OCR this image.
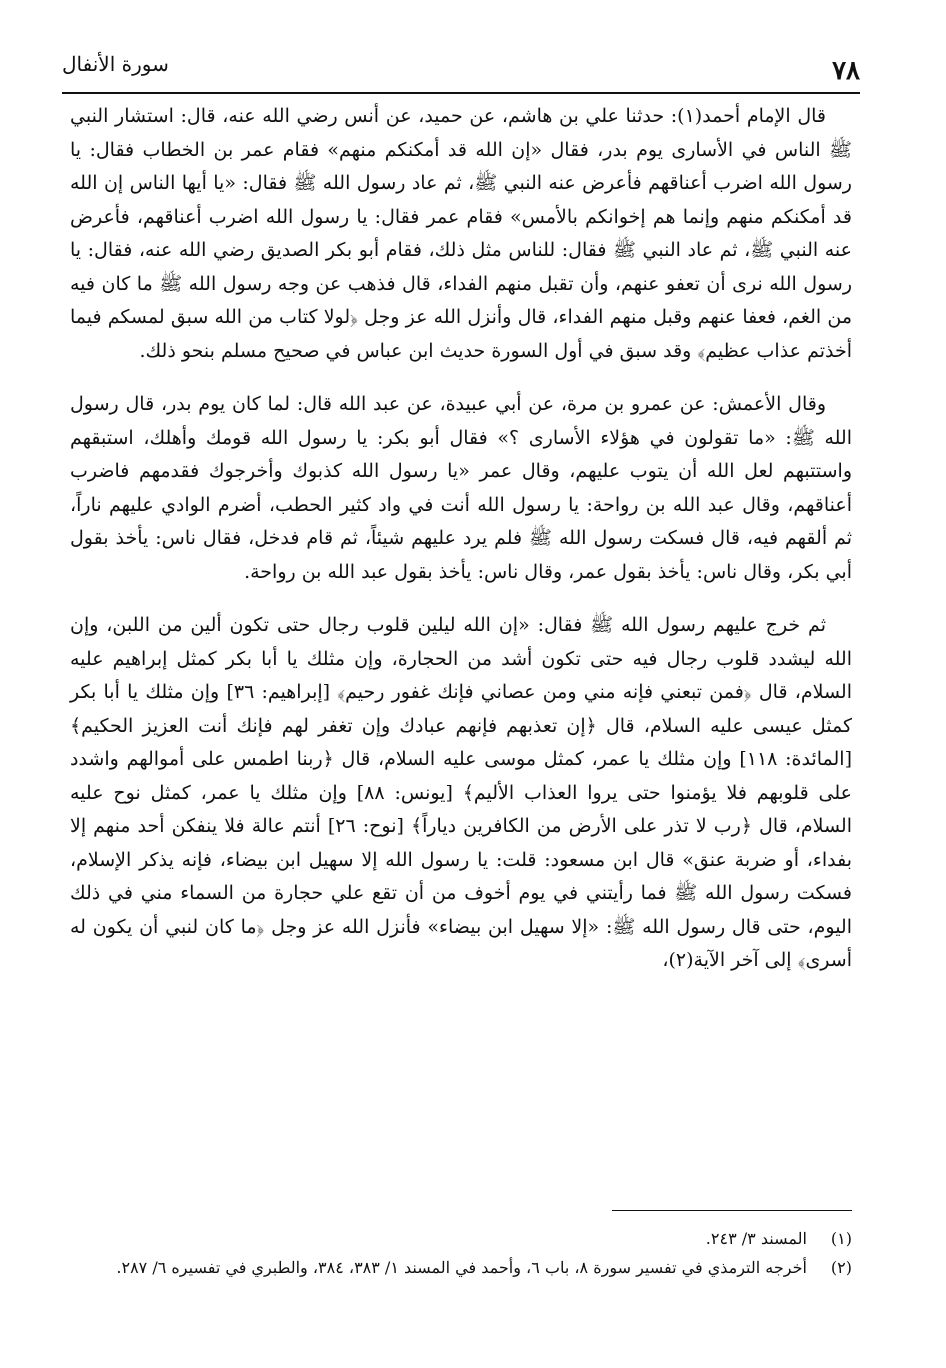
سورة الأنفال	٧٨

قال الإمام أحمد(١): حدثنا علي بن هاشم، عن حميد، عن أنس رضي الله عنه، قال: استشار النبي ﷺ الناس في الأسارى يوم بدر، فقال «إن الله قد أمكنكم منهم» فقام عمر بن الخطاب فقال: يا رسول الله اضرب أعناقهم فأعرض عنه النبي ﷺ، ثم عاد رسول الله ﷺ فقال: «يا أيها الناس إن الله قد أمكنكم منهم وإنما هم إخوانكم بالأمس» فقام عمر فقال: يا رسول الله اضرب أعناقهم، فأعرض عنه النبي ﷺ، ثم عاد النبي ﷺ فقال: للناس مثل ذلك، فقام أبو بكر الصديق رضي الله عنه، فقال: يا رسول الله نرى أن تعفو عنهم، وأن تقبل منهم الفداء، قال فذهب عن وجه رسول الله ﷺ ما كان فيه من الغم، فعفا عنهم وقبل منهم الفداء، قال وأنزل الله عز وجل ﴿لولا كتاب من الله سبق لمسكم فيما أخذتم عذاب عظيم﴾ وقد سبق في أول السورة حديث ابن عباس في صحيح مسلم بنحو ذلك.

وقال الأعمش: عن عمرو بن مرة، عن أبي عبيدة، عن عبد الله قال: لما كان يوم بدر، قال رسول الله ﷺ: «ما تقولون في هؤلاء الأسارى ؟» فقال أبو بكر: يا رسول الله قومك وأهلك، استبقهم واستتبهم لعل الله أن يتوب عليهم، وقال عمر «يا رسول الله كذبوك وأخرجوك فقدمهم فاضرب أعناقهم، وقال عبد الله بن رواحة: يا رسول الله أنت في واد كثير الحطب، أضرم الوادي عليهم ناراً، ثم ألقهم فيه، قال فسكت رسول الله ﷺ فلم يرد عليهم شيئاً، ثم قام فدخل، فقال ناس: يأخذ بقول أبي بكر، وقال ناس: يأخذ بقول عمر، وقال ناس: يأخذ بقول عبد الله بن رواحة.

ثم خرج عليهم رسول الله ﷺ فقال: «إن الله ليلين قلوب رجال حتى تكون ألين من اللبن، وإن الله ليشدد قلوب رجال فيه حتى تكون أشد من الحجارة، وإن مثلك يا أبا بكر كمثل إبراهيم عليه السلام، قال ﴿فمن تبعني فإنه مني ومن عصاني فإنك غفور رحيم﴾ [إبراهيم: ٣٦] وإن مثلك يا أبا بكر كمثل عيسى عليه السلام، قال ﴿إن تعذبهم فإنهم عبادك وإن تغفر لهم فإنك أنت العزيز الحكيم﴾ [المائدة: ١١٨] وإن مثلك يا عمر، كمثل موسى عليه السلام، قال ﴿ربنا اطمس على أموالهم واشدد على قلوبهم فلا يؤمنوا حتى يروا العذاب الأليم﴾ [يونس: ٨٨] وإن مثلك يا عمر، كمثل نوح عليه السلام، قال ﴿رب لا تذر على الأرض من الكافرين دياراً﴾ [نوح: ٢٦] أنتم عالة فلا ينفكن أحد منهم إلا بفداء، أو ضربة عنق» قال ابن مسعود: قلت: يا رسول الله إلا سهيل ابن بيضاء، فإنه يذكر الإسلام، فسكت رسول الله ﷺ فما رأيتني في يوم أخوف من أن تقع علي حجارة من السماء مني في ذلك اليوم، حتى قال رسول الله ﷺ: «إلا سهيل ابن بيضاء» فأنزل الله عز وجل ﴿ما كان لنبي أن يكون له أسرى﴾ إلى آخر الآية(٢)،

(١) المسند ٣/ ٢٤٣.

(٢) أخرجه الترمذي في تفسير سورة ٨، باب ٦، وأحمد في المسند ١/ ٣٨٣، ٣٨٤، والطبري في تفسيره ٦/ ٢٨٧.
